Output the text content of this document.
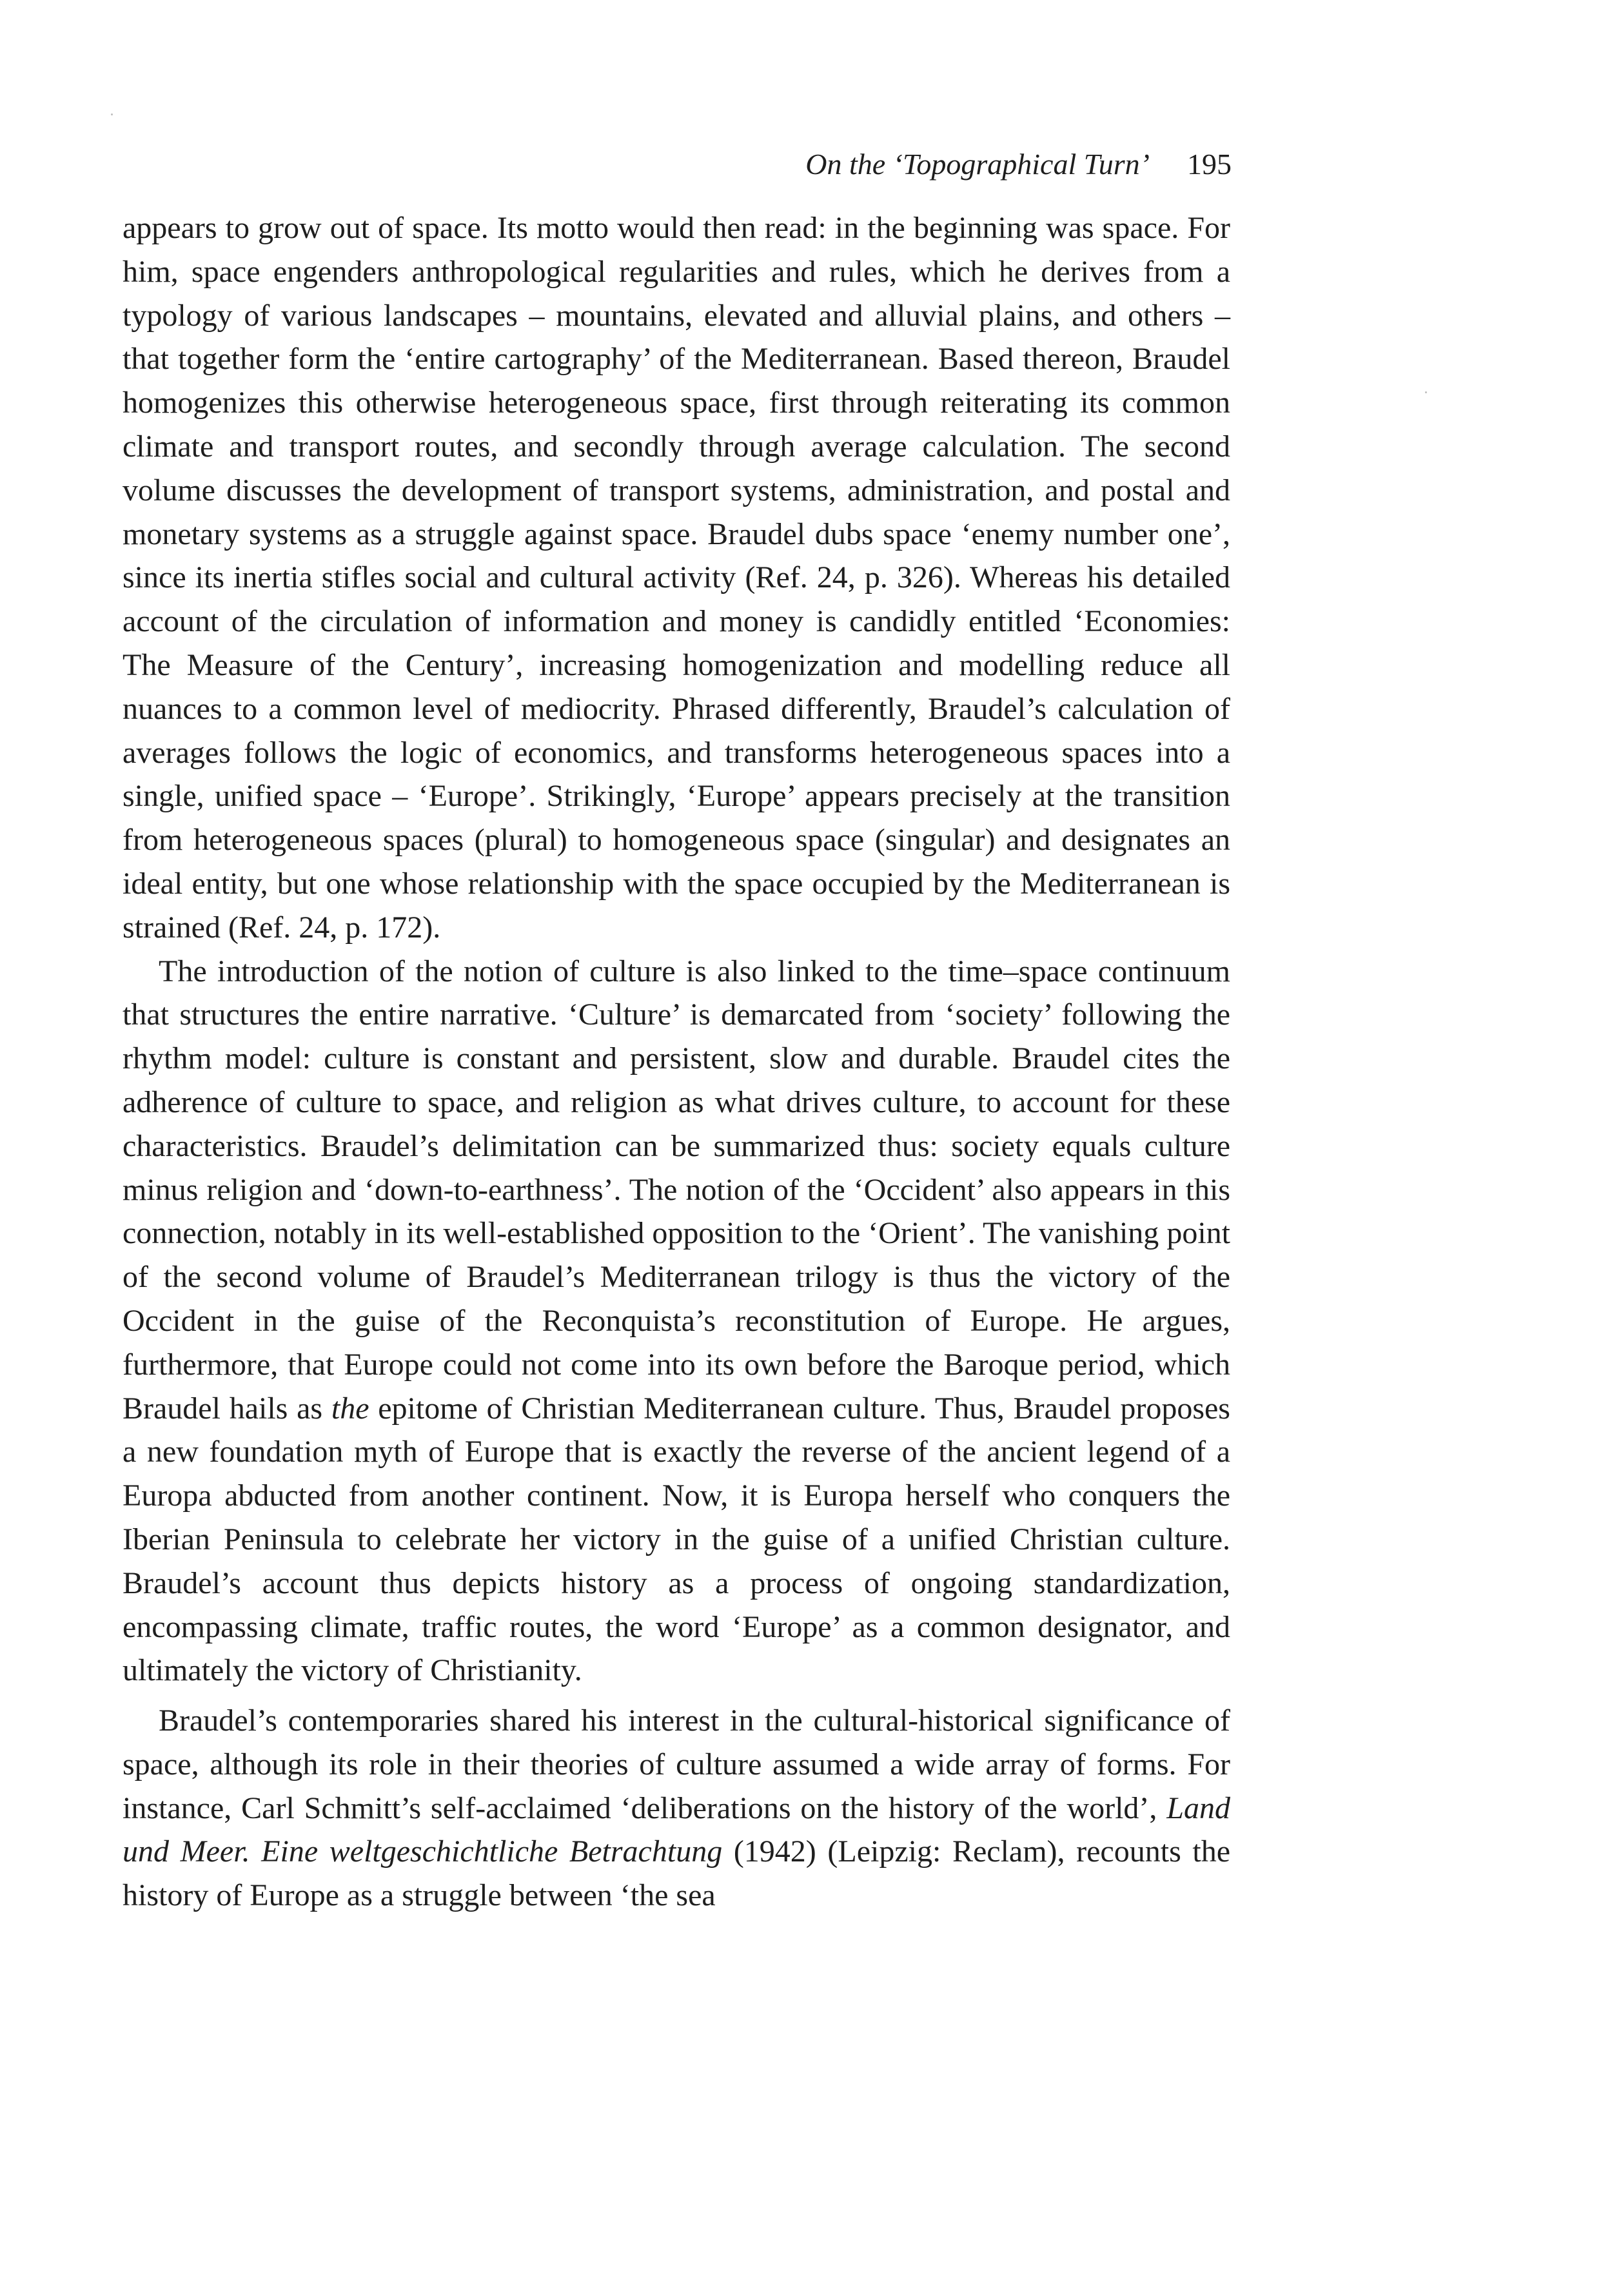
On the ‘Topographical Turn’ 195

appears to grow out of space. Its motto would then read: in the beginning was space. For him, space engenders anthropological regularities and rules, which he derives from a typology of various landscapes – mountains, elevated and alluvial plains, and others – that together form the ‘entire cartography’ of the Mediterranean. Based thereon, Braudel homogenizes this otherwise heterogeneous space, first through reiterating its common climate and transport routes, and secondly through average calculation. The second volume discusses the development of transport systems, administration, and postal and monetary systems as a struggle against space. Braudel dubs space ‘enemy number one’, since its inertia stifles social and cultural activity (Ref. 24, p. 326). Whereas his detailed account of the circulation of information and money is candidly entitled ‘Economies: The Measure of the Century’, increasing homogenization and modelling reduce all nuances to a common level of mediocrity. Phrased differently, Braudel’s calculation of averages follows the logic of economics, and transforms heterogeneous spaces into a single, unified space – ‘Europe’. Strikingly, ‘Europe’ appears precisely at the transition from heterogeneous spaces (plural) to homogeneous space (singular) and designates an ideal entity, but one whose relationship with the space occupied by the Mediterranean is strained (Ref. 24, p. 172).

The introduction of the notion of culture is also linked to the time–space continuum that structures the entire narrative. ‘Culture’ is demarcated from ‘society’ following the rhythm model: culture is constant and persistent, slow and durable. Braudel cites the adherence of culture to space, and religion as what drives culture, to account for these characteristics. Braudel’s delimitation can be summarized thus: society equals culture minus religion and ‘down-to-earthness’. The notion of the ‘Occident’ also appears in this connection, notably in its well-established opposition to the ‘Orient’. The vanishing point of the second volume of Braudel’s Mediterranean trilogy is thus the victory of the Occident in the guise of the Reconquista’s reconstitution of Europe. He argues, furthermore, that Europe could not come into its own before the Baroque period, which Braudel hails as the epitome of Christian Mediterranean culture. Thus, Braudel proposes a new foundation myth of Europe that is exactly the reverse of the ancient legend of a Europa abducted from another continent. Now, it is Europa herself who conquers the Iberian Peninsula to celebrate her victory in the guise of a unified Christian culture. Braudel’s account thus depicts history as a process of ongoing standardization, encompassing climate, traffic routes, the word ‘Europe’ as a common designator, and ultimately the victory of Christianity.

Braudel’s contemporaries shared his interest in the cultural-historical significance of space, although its role in their theories of culture assumed a wide array of forms. For instance, Carl Schmitt’s self-acclaimed ‘deliberations on the history of the world’, Land und Meer. Eine weltgeschichtliche Betrachtung (1942) (Leipzig: Reclam), recounts the history of Europe as a struggle between ‘the sea
